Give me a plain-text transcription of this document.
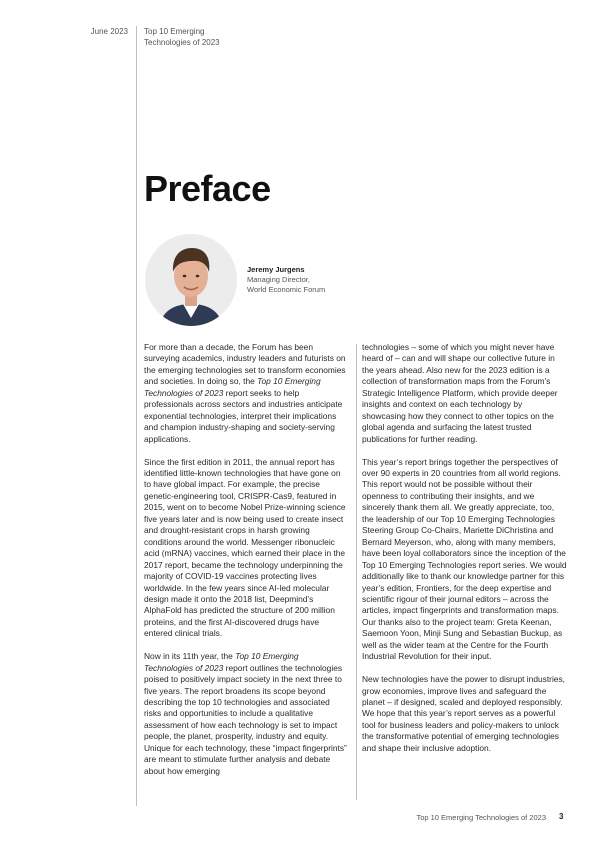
June 2023 Top 10 Emerging
Technologies of 2023
Preface
Jeremy Jurgens
Managing Director,
World Economic Forum

For more than a decade, the Forum has been surveying academics, industry leaders and futurists on the emerging technologies set to transform economies and societies. In doing so, the Top 10 Emerging Technologies of 2023 report seeks to help professionals across sectors and industries anticipate exponential technologies, interpret their implications and champion industry-shaping and society-serving applications.

Since the first edition in 2011, the annual report has identified little-known technologies that have gone on to have global impact. For example, the precise genetic-engineering tool, CRISPR-Cas9, featured in 2015, went on to become Nobel Prize-winning science five years later and is now being used to create insect and drought-resistant crops in harsh growing conditions around the world. Messenger ribonucleic acid (mRNA) vaccines, which earned their place in the 2017 report, became the technology underpinning the majority of COVID-19 vaccines protecting lives worldwide. In the few years since AI-led molecular design made it onto the 2018 list, Deepmind’s AlphaFold has predicted the structure of 200 million proteins, and the first AI-discovered drugs have entered clinical trials.

Now in its 11th year, the Top 10 Emerging Technologies of 2023 report outlines the technologies poised to positively impact society in the next three to five years. The report broadens its scope beyond describing the top 10 technologies and associated risks and opportunities to include a qualitative assessment of how each technology is set to impact people, the planet, prosperity, industry and equity. Unique for each technology, these “impact fingerprints” are meant to stimulate further analysis and debate about how emerging

technologies – some of which you might never have heard of – can and will shape our collective future in the years ahead. Also new for the 2023 edition is a collection of transformation maps from the Forum’s Strategic Intelligence Platform, which provide deeper insights and context on each technology by showcasing how they connect to other topics on the global agenda and surfacing the latest trusted publications for further reading.

This year’s report brings together the perspectives of over 90 experts in 20 countries from all world regions. This report would not be possible without their openness to contributing their insights, and we sincerely thank them all. We greatly appreciate, too, the leadership of our Top 10 Emerging Technologies Steering Group Co-Chairs, Mariette DiChristina and Bernard Meyerson, who, along with many members, have been loyal collaborators since the inception of the Top 10 Emerging Technologies report series. We would additionally like to thank our knowledge partner for this year’s edition, Frontiers, for the deep expertise and scientific rigour of their journal editors – across the articles, impact fingerprints and transformation maps. Our thanks also to the project team: Greta Keenan, Saemoon Yoon, Minji Sung and Sebastian Buckup, as well as the wider team at the Centre for the Fourth Industrial Revolution for their input.

New technologies have the power to disrupt industries, grow economies, improve lives and safeguard the planet – if designed, scaled and deployed responsibly. We hope that this year’s report serves as a powerful tool for business leaders and policy-makers to unlock the transformative potential of emerging technologies and shape their inclusive adoption.

Top 10 Emerging Technologies of 2023 3
